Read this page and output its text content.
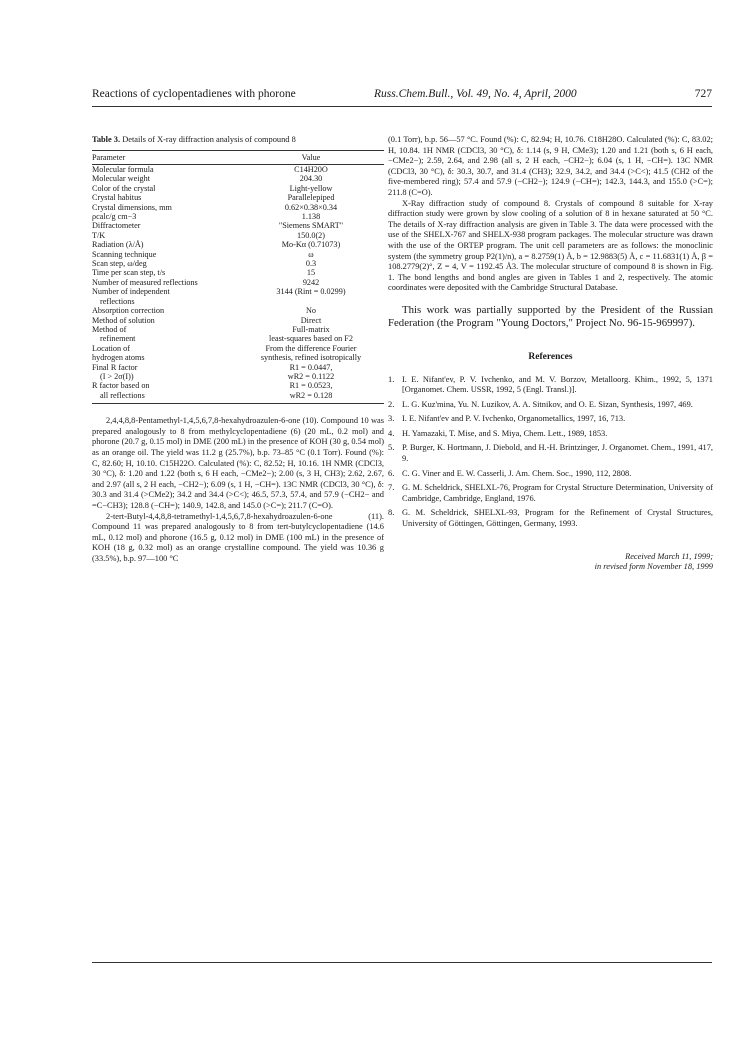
Reactions of cyclopentadienes with phorone	Russ.Chem.Bull., Vol. 49, No. 4, April, 2000	727
Table 3. Details of X-ray diffraction analysis of compound 8
Parameter	Value
Molecular formula	C14H20O
Molecular weight	204.30
Color of the crystal	Light-yellow
Crystal habitus	Parallelepiped
Crystal dimensions, mm	0.62×0.38×0.34
ρcalc/g cm−3	1.138
Diffractometer	"Siemens SMART"
T/K	150.0(2)
Radiation (λ/Å)	Mo-Kα (0.71073)
Scanning technique	ω
Scan step, ω/deg	0.3
Time per scan step, t/s	15
Number of measured reflections	9242
Number of independent	3144 (Rint = 0.0299)
reflections	
Absorption correction	No
Method of solution	Direct
Method of	Full-matrix
refinement	least-squares based on F2
Location of	From the difference Fourier
hydrogen atoms	synthesis, refined isotropically
Final R factor	R1 = 0.0447,
(I > 2σ(I))	wR2 = 0.1122
R factor based on	R1 = 0.0523,
all reflections	wR2 = 0.128

2,4,4,8,8-Pentamethyl-1,4,5,6,7,8-hexahydroazulen-6-one (10). Compound 10 was prepared analogously to 8 from methylcyclopentadiene (6) (20 mL, 0.2 mol) and phorone (20.7 g, 0.15 mol) in DME (200 mL) in the presence of KOH (30 g, 0.54 mol) as an orange oil. The yield was 11.2 g (25.7%), b.p. 73–85 °C (0.1 Torr). Found (%): C, 82.60; H, 10.10. C15H22O. Calculated (%): C, 82.52; H, 10.16. 1H NMR (CDCl3, 30 °C), δ: 1.20 and 1.22 (both s, 6 H each, −CMe2−); 2.00 (s, 3 H, CH3); 2.62, 2.67, and 2.97 (all s, 2 H each, −CH2−); 6.09 (s, 1 H, −CH=). 13C NMR (CDCl3, 30 °C), δ: 30.3 and 31.4 (>CMe2); 34.2 and 34.4 (>C<); 46.5, 57.3, 57.4, and 57.9 (−CH2− and =C−CH3); 128.8 (−CH=); 140.9, 142.8, and 145.0 (>C=); 211.7 (C=O).

2-tert-Butyl-4,4,8,8-tetramethyl-1,4,5,6,7,8-hexahydroazulen-6-one (11). Compound 11 was prepared analogously to 8 from tert-butylcyclopentadiene (14.6 mL, 0.12 mol) and phorone (16.5 g, 0.12 mol) in DME (100 mL) in the presence of KOH (18 g, 0.32 mol) as an orange crystalline compound. The yield was 10.36 g (33.5%), b.p. 97—100 °C

(0.1 Torr), b.p. 56—57 °C. Found (%): C, 82.94; H, 10.76. C18H28O. Calculated (%): C, 83.02; H, 10.84. 1H NMR (CDCl3, 30 °C), δ: 1.14 (s, 9 H, CMe3); 1.20 and 1.21 (both s, 6 H each, −CMe2−); 2.59, 2.64, and 2.98 (all s, 2 H each, −CH2−); 6.04 (s, 1 H, −CH=). 13C NMR (CDCl3, 30 °C), δ: 30.3, 30.7, and 31.4 (CH3); 32.9, 34.2, and 34.4 (>C<); 41.5 (CH2 of the five-membered ring); 57.4 and 57.9 (−CH2−); 124.9 (−CH=); 142.3, 144.3, and 155.0 (>C=); 211.8 (C=O).

X-Ray diffraction study of compound 8. Crystals of compound 8 suitable for X-ray diffraction study were grown by slow cooling of a solution of 8 in hexane saturated at 50 °C. The details of X-ray diffraction analysis are given in Table 3. The data were processed with the use of the SHELX-767 and SHELX-938 program packages. The molecular structure was drawn with the use of the ORTEP program. The unit cell parameters are as follows: the monoclinic system (the symmetry group P2(1)/n), a = 8.2759(1) Å, b = 12.9883(5) Å, c = 11.6831(1) Å, β = 108.2779(2)°, Z = 4, V = 1192.45 Å3. The molecular structure of compound 8 is shown in Fig. 1. The bond lengths and bond angles are given in Tables 1 and 2, respectively. The atomic coordinates were deposited with the Cambridge Structural Database.

This work was partially supported by the President of the Russian Federation (the Program "Young Doctors," Project No. 96-15-969997).

References
1. I. E. Nifant'ev, P. V. Ivchenko, and M. V. Borzov, Metalloorg. Khim., 1992, 5, 1371 [Organomet. Chem. USSR, 1992, 5 (Engl. Transl.)].
2. L. G. Kuz'mina, Yu. N. Luzikov, A. A. Sitnikov, and O. E. Sizan, Synthesis, 1997, 469.
3. I. E. Nifant'ev and P. V. Ivchenko, Organometallics, 1997, 16, 713.
4. H. Yamazaki, T. Mise, and S. Miya, Chem. Lett., 1989, 1853.
5. P. Burger, K. Hortmann, J. Diebold, and H.-H. Brintzinger, J. Organomet. Chem., 1991, 417, 9.
6. C. G. Viner and E. W. Casserli, J. Am. Chem. Soc., 1990, 112, 2808.
7. G. M. Scheldrick, SHELXL-76, Program for Crystal Structure Determination, University of Cambridge, Cambridge, England, 1976.
8. G. M. Scheldrick, SHELXL-93, Program for the Refinement of Crystal Structures, University of Göttingen, Göttingen, Germany, 1993.
Received March 11, 1999;
in revised form November 18, 1999
